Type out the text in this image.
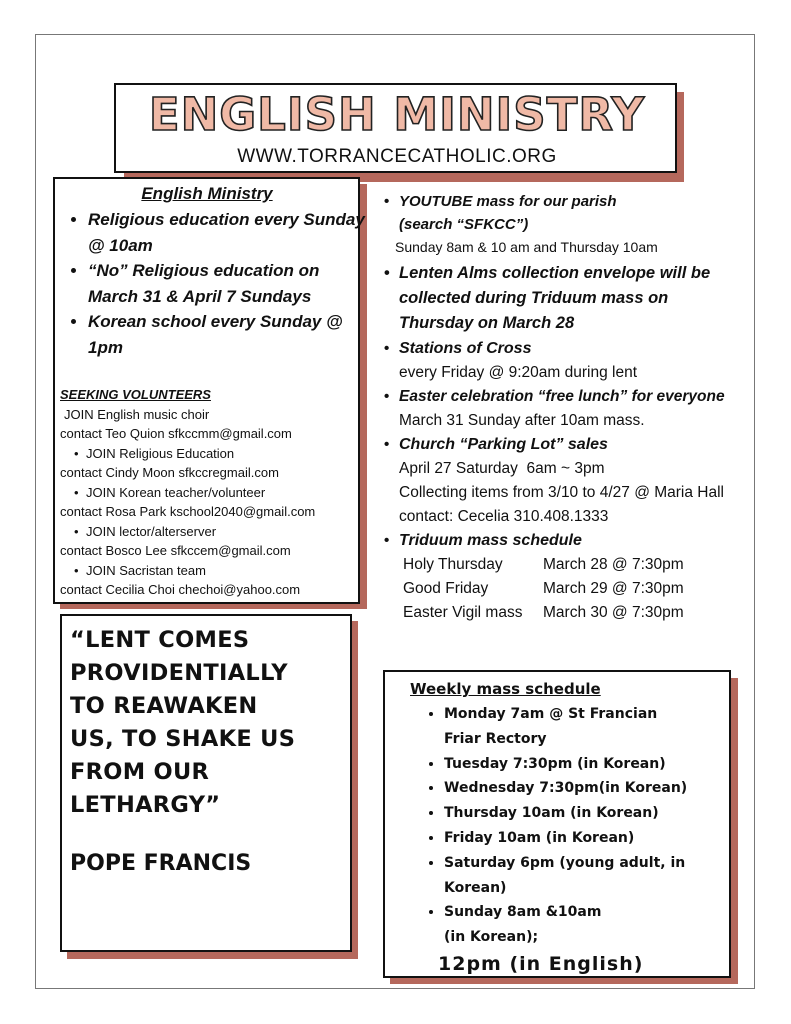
ENGLISH MINISTRY
WWW.TORRANCECATHOLIC.ORG
English Ministry
• Religious education every Sunday @ 10am
• “No” Religious education on March 31 & April 7 Sundays
• Korean school every Sunday @ 1pm
SEEKING VOLUNTEERS
JOIN English music choir
contact Teo Quion sfkccmm@gmail.com
• JOIN Religious Education
contact Cindy Moon sfkccregmail.com
• JOIN Korean teacher/volunteer
contact Rosa Park kschool2040@gmail.com
• JOIN lector/alterserver
contact Bosco Lee sfkccem@gmail.com
• JOIN Sacristan team
contact Cecilia Choi chechoi@yahoo.com
“LENT COMES
PROVIDENTIALLY
TO REAWAKEN
US, TO SHAKE US
FROM OUR
LETHARGY”
POPE FRANCIS
• YOUTUBE mass for our parish
(search “SFKCC”)
Sunday 8am & 10 am and Thursday 10am
• Lenten Alms collection envelope will be
collected during Triduum mass on
Thursday on March 28
• Stations of Cross
every Friday @ 9:20am during lent
• Easter celebration “free lunch” for everyone
March 31 Sunday after 10am mass.
• Church “Parking Lot” sales
April 27 Saturday  6am ~ 3pm
Collecting items from 3/10 to 4/27 @ Maria Hall
contact: Cecelia 310.408.1333
• Triduum mass schedule
Holy Thursday	March 28 @ 7:30pm
Good Friday	March 29 @ 7:30pm
Easter Vigil mass	March 30 @ 7:30pm
Weekly mass schedule
• Monday 7am @ St Francian Friar Rectory
• Tuesday 7:30pm (in Korean)
• Wednesday 7:30pm(in Korean)
• Thursday 10am (in Korean)
• Friday 10am (in Korean)
• Saturday 6pm (young adult, in Korean)
• Sunday 8am &10am (in Korean);
12pm (in English)
